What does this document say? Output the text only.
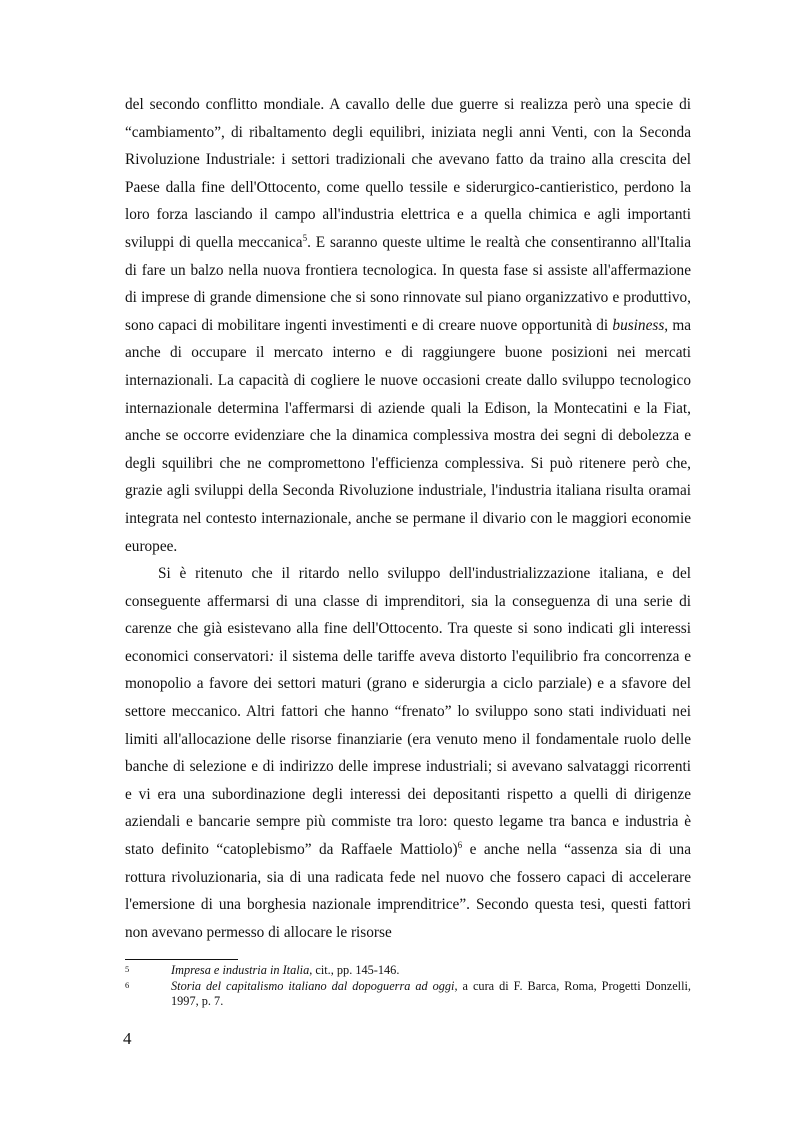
del secondo conflitto mondiale. A cavallo delle due guerre si realizza però una specie di “cambiamento”, di ribaltamento degli equilibri, iniziata negli anni Venti, con la Seconda Rivoluzione Industriale: i settori tradizionali che avevano fatto da traino alla crescita del Paese dalla fine dell'Ottocento, come quello tessile e siderurgico-cantieristico, perdono la loro forza lasciando il campo all'industria elettrica e a quella chimica e agli importanti sviluppi di quella meccanica$^5$. E saranno queste ultime le realtà che consentiranno all'Italia di fare un balzo nella nuova frontiera tecnologica. In questa fase si assiste all'affermazione di imprese di grande dimensione che si sono rinnovate sul piano organizzativo e produttivo, sono capaci di mobilitare ingenti investimenti e di creare nuove opportunità di business, ma anche di occupare il mercato interno e di raggiungere buone posizioni nei mercati internazionali. La capacità di cogliere le nuove occasioni create dallo sviluppo tecnologico internazionale determina l'affermarsi di aziende quali la Edison, la Montecatini e la Fiat, anche se occorre evidenziare che la dinamica complessiva mostra dei segni di debolezza e degli squilibri che ne compromettono l'efficienza complessiva. Si può ritenere però che, grazie agli sviluppi della Seconda Rivoluzione industriale, l'industria italiana risulta oramai integrata nel contesto internazionale, anche se permane il divario con le maggiori economie europee.

Si è ritenuto che il ritardo nello sviluppo dell'industrializzazione italiana, e del conseguente affermarsi di una classe di imprenditori, sia la conseguenza di una serie di carenze che già esistevano alla fine dell'Ottocento. Tra queste si sono indicati gli interessi economici conservatori: il sistema delle tariffe aveva distorto l'equilibrio fra concorrenza e monopolio a favore dei settori maturi (grano e siderurgia a ciclo parziale) e a sfavore del settore meccanico. Altri fattori che hanno “frenato” lo sviluppo sono stati individuati nei limiti all'allocazione delle risorse finanziarie (era venuto meno il fondamentale ruolo delle banche di selezione e di indirizzo delle imprese industriali; si avevano salvataggi ricorrenti e vi era una subordinazione degli interessi dei depositanti rispetto a quelli di dirigenze aziendali e bancarie sempre più commiste tra loro: questo legame tra banca e industria è stato definito “catoplebismo” da Raffaele Mattiolo)$^6$ e anche nella “assenza sia di una rottura rivoluzionaria, sia di una radicata fede nel nuovo che fossero capaci di accelerare l'emersione di una borghesia nazionale imprenditrice”. Secondo questa tesi, questi fattori non avevano permesso di allocare le risorse

5	Impresa e industria in Italia, cit., pp. 145-146.
6	Storia del capitalismo italiano dal dopoguerra ad oggi, a cura di F. Barca, Roma, Progetti Donzelli, 1997, p. 7.
4
